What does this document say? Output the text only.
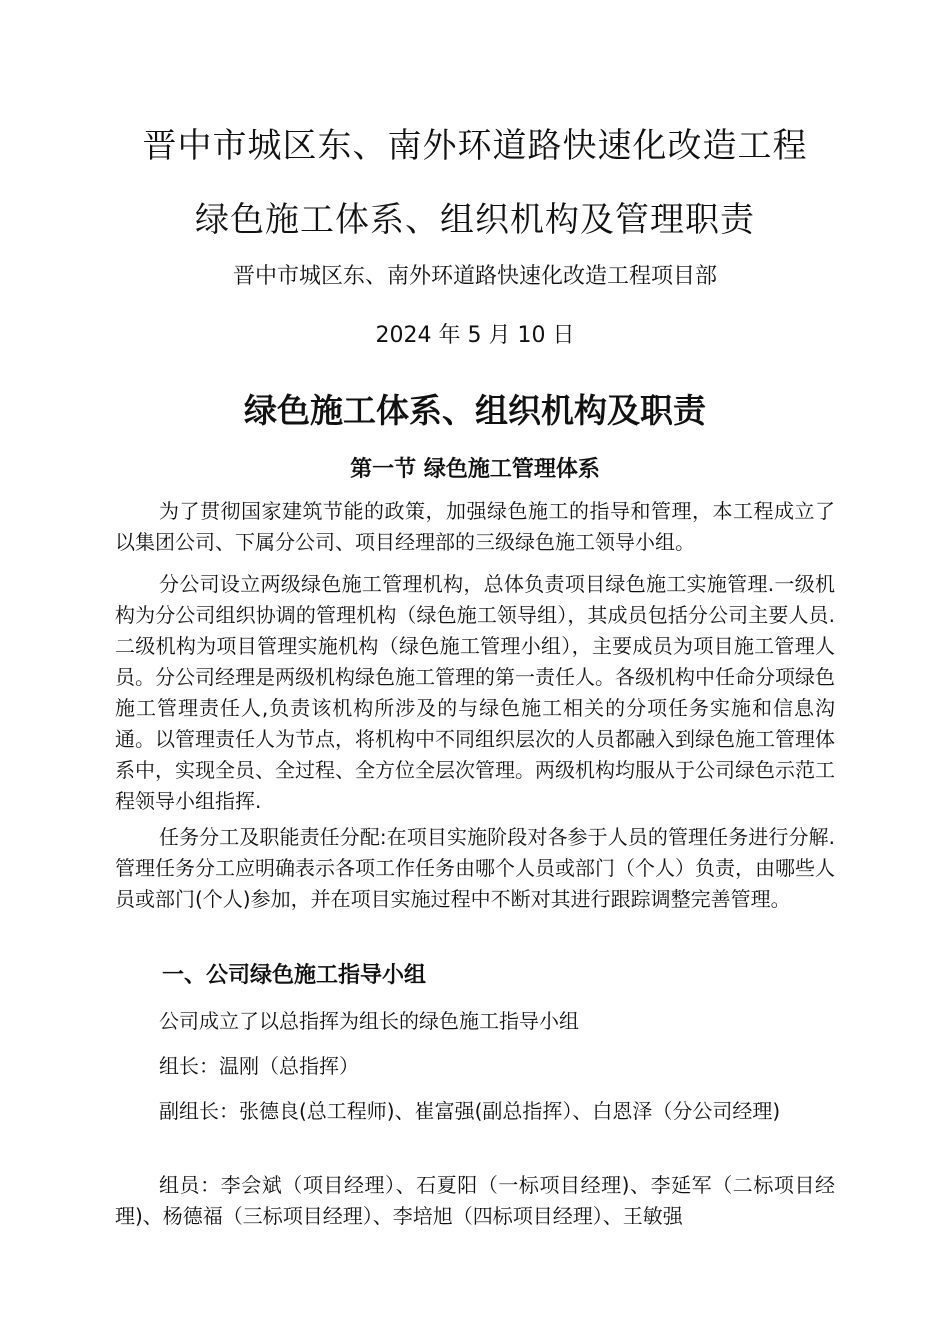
晋中市城区东、南外环道路快速化改造工程
绿色施工体系、组织机构及管理职责

晋中市城区东、南外环道路快速化改造工程项目部

2024 年 5 月 10 日

绿色施工体系、组织机构及职责
第一节 绿色施工管理体系

为了贯彻国家建筑节能的政策，加强绿色施工的指导和管理，本工程成立了以集团公司、下属分公司、项目经理部的三级绿色施工领导小组。

分公司设立两级绿色施工管理机构，总体负责项目绿色施工实施管理.一级机构为分公司组织协调的管理机构（绿色施工领导组），其成员包括分公司主要人员.二级机构为项目管理实施机构（绿色施工管理小组），主要成员为项目施工管理人员。分公司经理是两级机构绿色施工管理的第一责任人。各级机构中任命分项绿色施工管理责任人,负责该机构所涉及的与绿色施工相关的分项任务实施和信息沟通。以管理责任人为节点，将机构中不同组织层次的人员都融入到绿色施工管理体系中，实现全员、全过程、全方位全层次管理。两级机构均服从于公司绿色示范工程领导小组指挥.

任务分工及职能责任分配:在项目实施阶段对各参于人员的管理任务进行分解.管理任务分工应明确表示各项工作任务由哪个人员或部门（个人）负责，由哪些人员或部门(个人)参加，并在项目实施过程中不断对其进行跟踪调整完善管理。

一、公司绿色施工指导小组

公司成立了以总指挥为组长的绿色施工指导小组

组长：温刚（总指挥）

副组长：张德良(总工程师)、崔富强(副总指挥）、白恩泽（分公司经理)

组员：李会斌（项目经理）、石夏阳（一标项目经理)、李延军（二标项目经理)、杨德福（三标项目经理）、李培旭（四标项目经理）、王敏强
